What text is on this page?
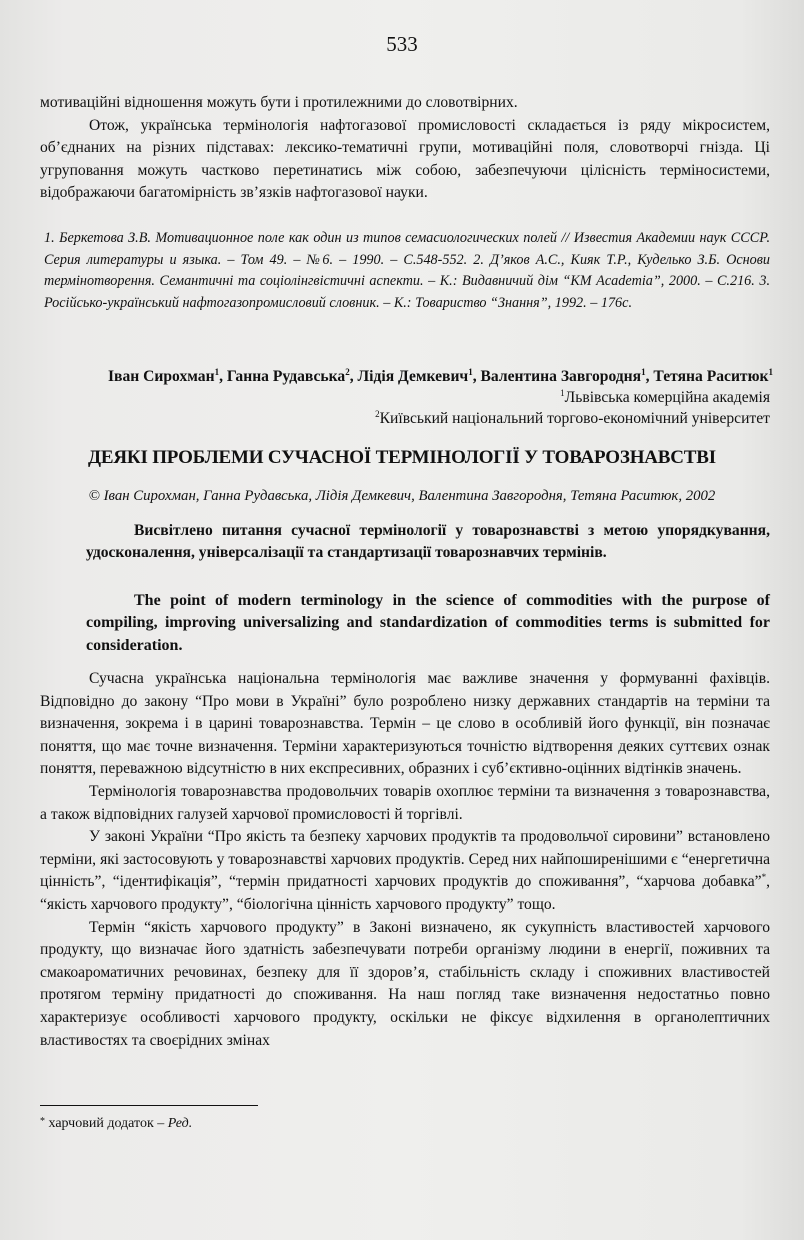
533

мотиваційні відношення можуть бути і протилежними до словотвірних.

Отож, українська термінологія нафтогазової промисловості складається із ряду мікросистем, об’єднаних на різних підставах: лексико-тематичні групи, мотиваційні поля, словотворчі гнізда. Ці угруповання можуть частково перетинатись між собою, забезпечуючи цілісність терміносистеми, відображаючи багатомірність зв’язків нафтогазової науки.

1. Беркетова З.В. Мотивационное поле как один из типов семасиологических полей // Известия Академии наук СССР. Серия литературы и языка. – Том 49. – №6. – 1990. – С.548-552. 2. Д’яков А.С., Кияк Т.Р., Куделько З.Б. Основи термінотворення. Семантичні та соціолінгвістичні аспекти. – К.: Видавничий дім “КМ Academia”, 2000. – С.216. 3. Російсько-український нафтогазопромисловий словник. – К.: Товариство “Знання”, 1992. – 176с.

Іван Сирохман$^1$, Ганна Рудавська$^2$, Лідія Демкевич$^1$, Валентина Завгородня$^1$, Тетяна Раситюк$^1$
$^1$Львівська комерційна академія
$^2$Київський національний торгово-економічний університет
ДЕЯКІ ПРОБЛЕМИ СУЧАСНОЇ ТЕРМІНОЛОГІЇ У ТОВАРОЗНАВСТВІ
© Іван Сирохман, Ганна Рудавська, Лідія Демкевич, Валентина Завгородня, Тетяна Раситюк, 2002

Висвітлено питання сучасної термінології у товарознавстві з метою упорядкування, удосконалення, універсалізації та стандартизації товарознавчих термінів.

The point of modern terminology in the science of commodities with the purpose of compiling, improving universalizing and standardization of commodities terms is submitted for consideration.

Сучасна українська національна термінологія має важливе значення у формуванні фахівців. Відповідно до закону “Про мови в Україні” було розроблено низку державних стандартів на терміни та визначення, зокрема і в царині товарознавства. Термін – це слово в особливій його функції, він позначає поняття, що має точне визначення. Терміни характеризуються точністю відтворення деяких суттєвих ознак поняття, переважною відсутністю в них експресивних, образних і суб’єктивно-оцінних відтінків значень.

Термінологія товарознавства продовольчих товарів охоплює терміни та визначення з товарознавства, а також відповідних галузей харчової промисловості й торгівлі.

У законі України “Про якість та безпеку харчових продуктів та продовольчої сировини” встановлено терміни, які застосовують у товарознавстві харчових продуктів. Серед них найпоширенішими є “енергетична цінність”, “ідентифікація”, “термін придатності харчових продуктів до споживання”, “харчова добавка”*, “якість харчового продукту”, “біологічна цінність харчового продукту” тощо.

Термін “якість харчового продукту” в Законі визначено, як сукупність властивостей харчового продукту, що визначає його здатність забезпечувати потреби організму людини в енергії, поживних та смакоароматичних речовинах, безпеку для її здоров’я, стабільність складу і споживних властивостей протягом терміну придатності до споживання. На наш погляд таке визначення недостатньо повно характеризує особливості харчового продукту, оскільки не фіксує відхилення в органолептичних властивостях та своєрідних змінах

* харчовий додаток – Ред.
